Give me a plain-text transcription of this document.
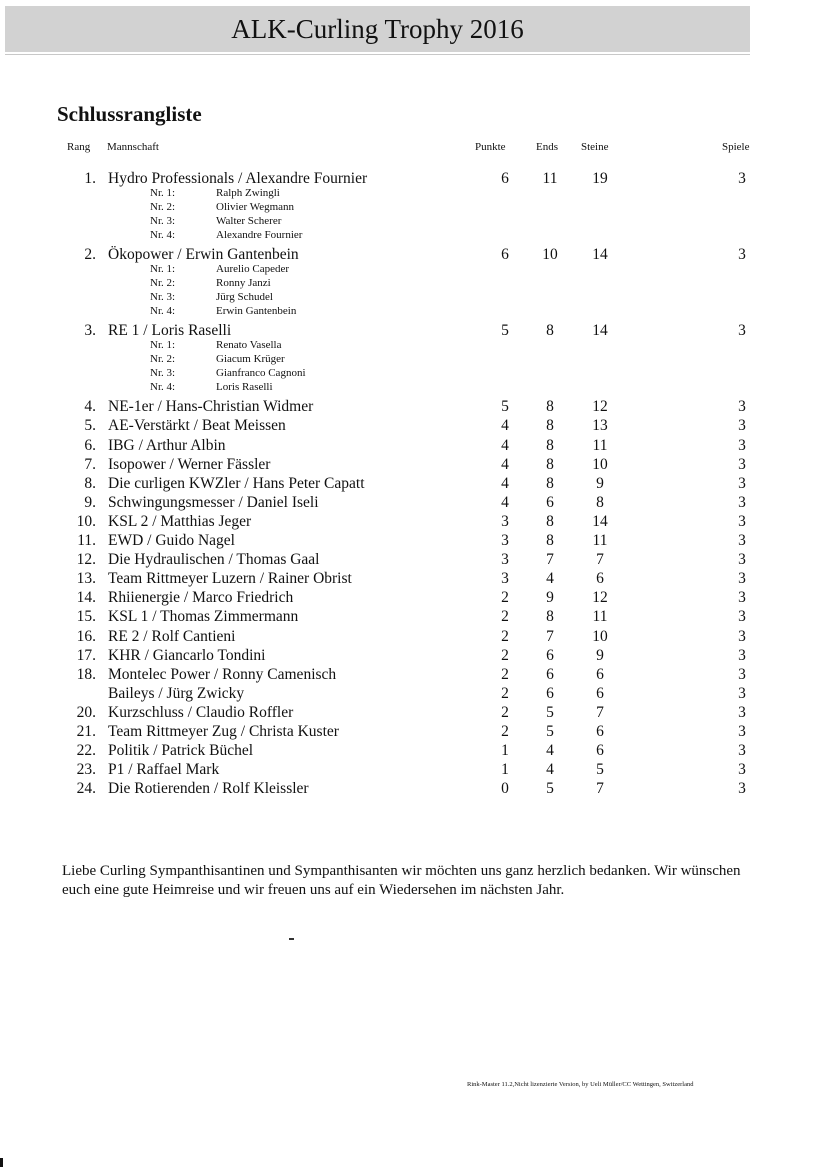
ALK-Curling Trophy 2016
Schlussrangliste
Rang Mannschaft	Punkte	Ends Steine	Spiele
1. Hydro Professionals / Alexandre Fournier	6	11	19	3
Nr. 1:	Ralph Zwingli
Nr. 2:	Olivier Wegmann
Nr. 3:	Walter Scherer
Nr. 4:	Alexandre Fournier
2. Ökopower / Erwin Gantenbein	6	10	14	3
Nr. 1:	Aurelio Capeder
Nr. 2:	Ronny Janzi
Nr. 3:	Jürg Schudel
Nr. 4:	Erwin Gantenbein
3. RE 1 / Loris Raselli	5	8	14	3
Nr. 1:	Renato Vasella
Nr. 2:	Giacum Krüger
Nr. 3:	Gianfranco Cagnoni
Nr. 4:	Loris Raselli
4. NE-1er / Hans-Christian Widmer	5	8	12	3
5. AE-Verstärkt / Beat Meissen	4	8	13	3
6. IBG / Arthur Albin	4	8	11	3
7. Isopower / Werner Fässler	4	8	10	3
8. Die curligen KWZler / Hans Peter Capatt	4	8	9	3
9. Schwingungsmesser / Daniel Iseli	4	6	8	3
10. KSL 2 / Matthias Jeger	3	8	14	3
11. EWD / Guido Nagel	3	8	11	3
12. Die Hydraulischen / Thomas Gaal	3	7	7	3
13. Team Rittmeyer Luzern / Rainer Obrist	3	4	6	3
14. Rhiienergie / Marco Friedrich	2	9	12	3
15. KSL 1 / Thomas Zimmermann	2	8	11	3
16. RE 2 / Rolf Cantieni	2	7	10	3
17. KHR / Giancarlo Tondini	2	6	9	3
18. Montelec Power / Ronny Camenisch	2	6	6	3
Baileys / Jürg Zwicky	2	6	6	3
20. Kurzschluss / Claudio Roffler	2	5	7	3
21. Team Rittmeyer Zug / Christa Kuster	2	5	6	3
22. Politik / Patrick Büchel	1	4	6	3
23. P1 / Raffael Mark	1	4	5	3
24. Die Rotierenden / Rolf Kleissler	0	5	7	3
Liebe Curling Sympanthisantinen und Sympanthisanten wir möchten uns ganz herzlich bedanken. Wir wünschen euch eine gute Heimreise und wir freuen uns auf ein Wiedersehen im nächsten Jahr.
Rink-Master 11.2,Nicht lizenzierte Version, by Ueli Müller/CC Wettingen, Switzerland
